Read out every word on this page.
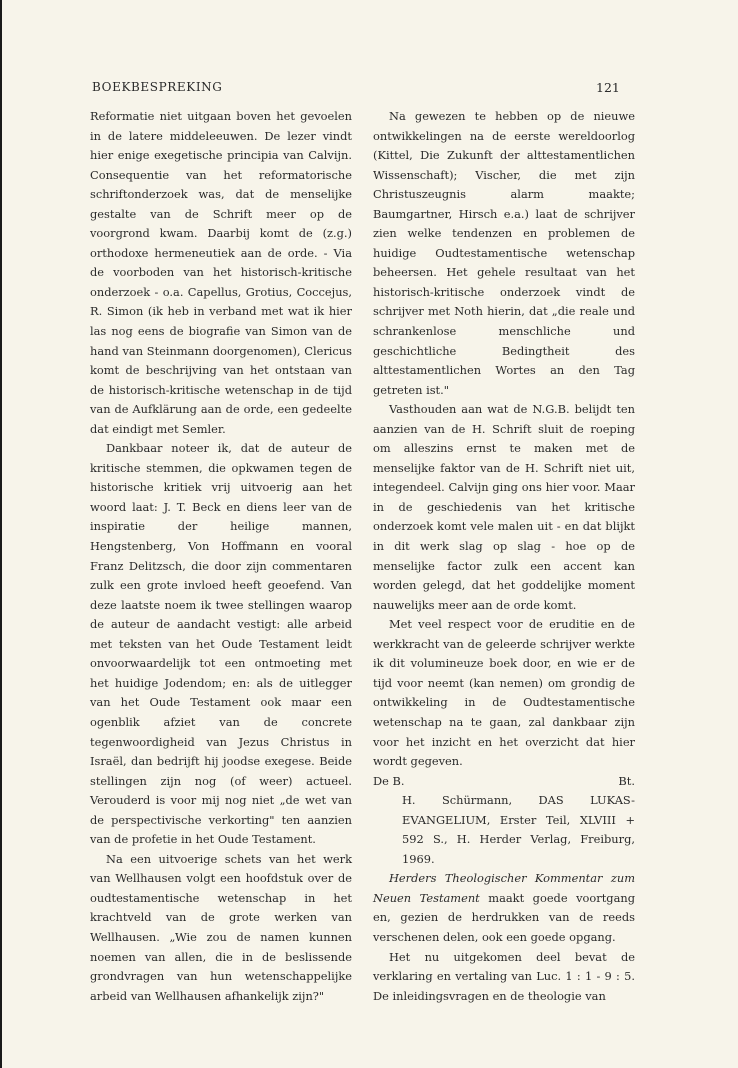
BOEKBESPREKING	121

Reformatie niet uitgaan boven het gevoelen in de latere middeleeuwen. De lezer vindt hier enige exegetische principia van Calvijn. Consequentie van het reformatorische schriftonderzoek was, dat de menselijke gestalte van de Schrift meer op de voorgrond kwam. Daarbij komt de (z.g.) orthodoxe hermeneutiek aan de orde. - Via de voorboden van het historisch-kritische onderzoek - o.a. Capellus, Grotius, Coccejus, R. Simon (ik heb in verband met wat ik hier las nog eens de biografie van Simon van de hand van Steinmann doorgenomen), Clericus komt de beschrijving van het ontstaan van de historisch-kritische wetenschap in de tijd van de Aufklärung aan de orde, een gedeelte dat eindigt met Semler.

Dankbaar noteer ik, dat de auteur de kritische stemmen, die opkwamen tegen de historische kritiek vrij uitvoerig aan het woord laat: J. T. Beck en diens leer van de inspiratie der heilige mannen, Hengstenberg, Von Hoffmann en vooral Franz Delitzsch, die door zijn commentaren zulk een grote invloed heeft geoefend. Van deze laatste noem ik twee stellingen waarop de auteur de aandacht vestigt: alle arbeid met teksten van het Oude Testament leidt onvoorwaardelijk tot een ontmoeting met het huidige Jodendom; en: als de uitlegger van het Oude Testament ook maar een ogenblik afziet van de concrete tegenwoordigheid van Jezus Christus in Israël, dan bedrijft hij joodse exegese. Beide stellingen zijn nog (of weer) actueel. Verouderd is voor mij nog niet „de wet van de perspectivische verkorting" ten aanzien van de profetie in het Oude Testament.

Na een uitvoerige schets van het werk van Wellhausen volgt een hoofdstuk over de oudtestamentische wetenschap in het krachtveld van de grote werken van Wellhausen. „Wie zou de namen kunnen noemen van allen, die in de beslissende grondvragen van hun wetenschappelijke arbeid van Wellhausen afhankelijk zijn?"

Na gewezen te hebben op de nieuwe ontwikkelingen na de eerste wereldoorlog (Kittel, Die Zukunft der alttestamentlichen Wissenschaft); Vischer, die met zijn Christuszeugnis alarm maakte; Baumgartner, Hirsch e.a.) laat de schrijver zien welke tendenzen en problemen de huidige Oudtestamentische wetenschap beheersen. Het gehele resultaat van het historisch-kritische onderzoek vindt de schrijver met Noth hierin, dat „die reale und schrankenlose menschliche und geschichtliche Bedingtheit des alttestamentlichen Wortes an den Tag getreten ist."

Vasthouden aan wat de N.G.B. belijdt ten aanzien van de H. Schrift sluit de roeping om alleszins ernst te maken met de menselijke faktor van de H. Schrift niet uit, integendeel. Calvijn ging ons hier voor. Maar in de geschiedenis van het kritische onderzoek komt vele malen uit - en dat blijkt in dit werk slag op slag - hoe op de menselijke factor zulk een accent kan worden gelegd, dat het goddelijke moment nauwelijks meer aan de orde komt.

Met veel respect voor de eruditie en de werkkracht van de geleerde schrijver werkte ik dit volumineuze boek door, en wie er de tijd voor neemt (kan nemen) om grondig de ontwikkeling in de Oudtestamentische wetenschap na te gaan, zal dankbaar zijn voor het inzicht en het overzicht dat hier wordt gegeven.

De B.	Bt.

H. Schürmann, DAS LUKAS-EVANGELIUM, Erster Teil, XLVIII + 592 S., H. Herder Verlag, Freiburg, 1969.

Herders Theologischer Kommentar zum Neuen Testament maakt goede voortgang en, gezien de herdrukken van de reeds verschenen delen, ook een goede opgang.

Het nu uitgekomen deel bevat de verklaring en vertaling van Luc. 1 : 1 - 9 : 5. De inleidingsvragen en de theologie van
